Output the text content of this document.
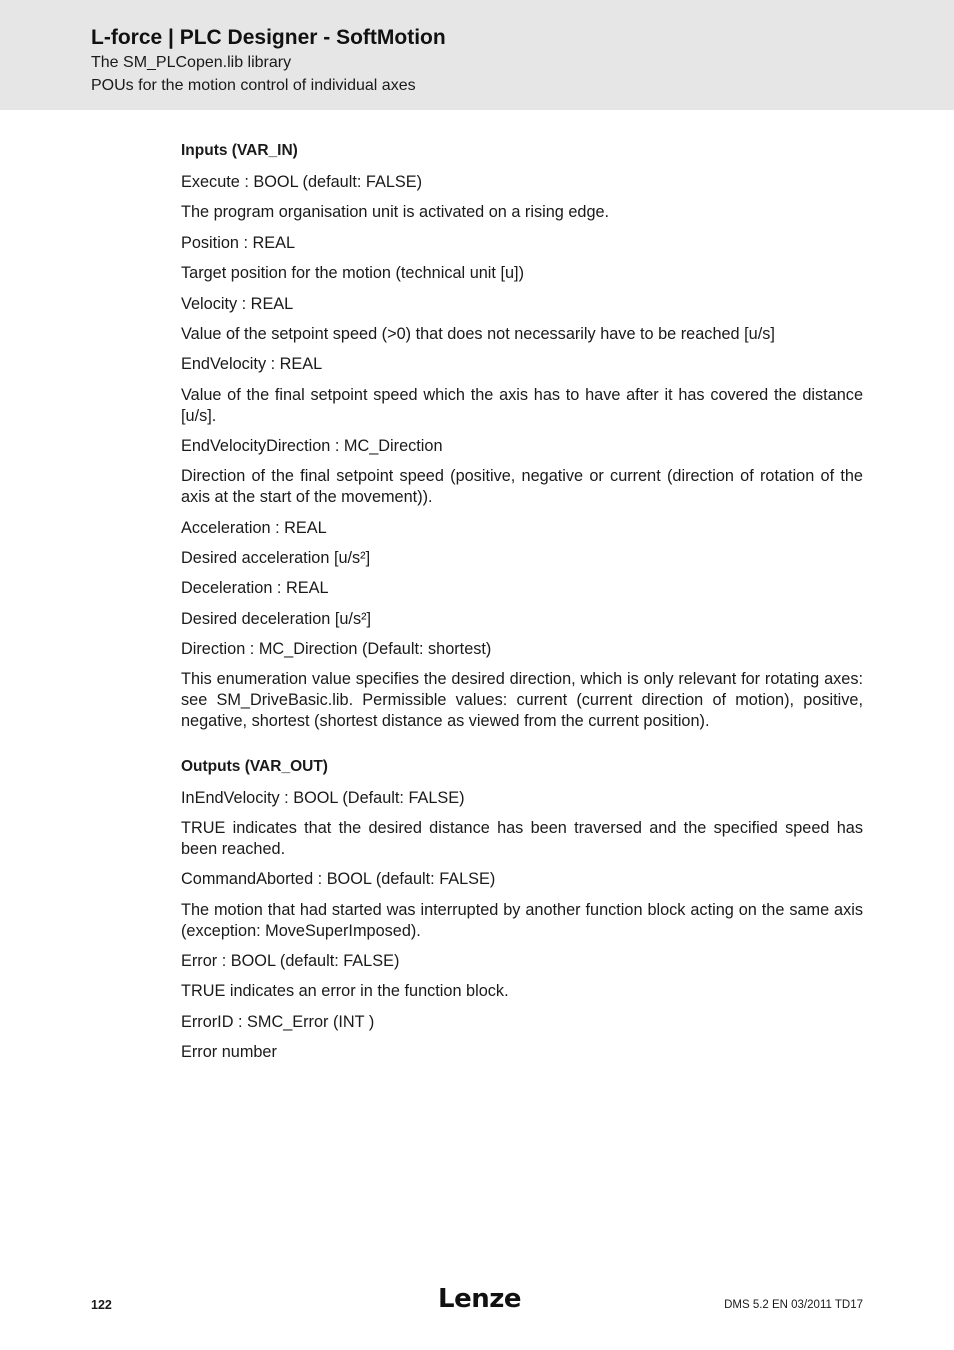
L-force | PLC Designer - SoftMotion
The SM_PLCopen.lib library
POUs for the motion control of individual axes
Inputs (VAR_IN)
Execute : BOOL (default: FALSE)
The program organisation unit is activated on a rising edge.
Position : REAL
Target position for the motion (technical unit [u])
Velocity : REAL
Value of the setpoint speed (>0) that does not necessarily have to be reached [u/s]
EndVelocity : REAL
Value of the final setpoint speed which the axis has to have after it has covered the distance [u/s].
EndVelocityDirection : MC_Direction
Direction of the final setpoint speed (positive, negative or current (direction of rotation of the axis at the start of the movement)).
Acceleration : REAL
Desired acceleration [u/s²]
Deceleration : REAL
Desired deceleration [u/s²]
Direction : MC_Direction (Default: shortest)
This enumeration value specifies the desired direction, which is only relevant for rotating axes: see SM_DriveBasic.lib. Permissible values: current (current direction of motion), positive, negative, shortest (shortest distance as viewed from the current position).
Outputs (VAR_OUT)
InEndVelocity : BOOL (Default: FALSE)
TRUE indicates that the desired distance has been traversed and the specified speed has been reached.
CommandAborted : BOOL (default: FALSE)
The motion that had started was interrupted by another function block acting on the same axis (exception: MoveSuperImposed).
Error : BOOL (default: FALSE)
TRUE indicates an error in the function block.
ErrorID : SMC_Error (INT )
Error number
122	Lenze	DMS 5.2 EN 03/2011 TD17
